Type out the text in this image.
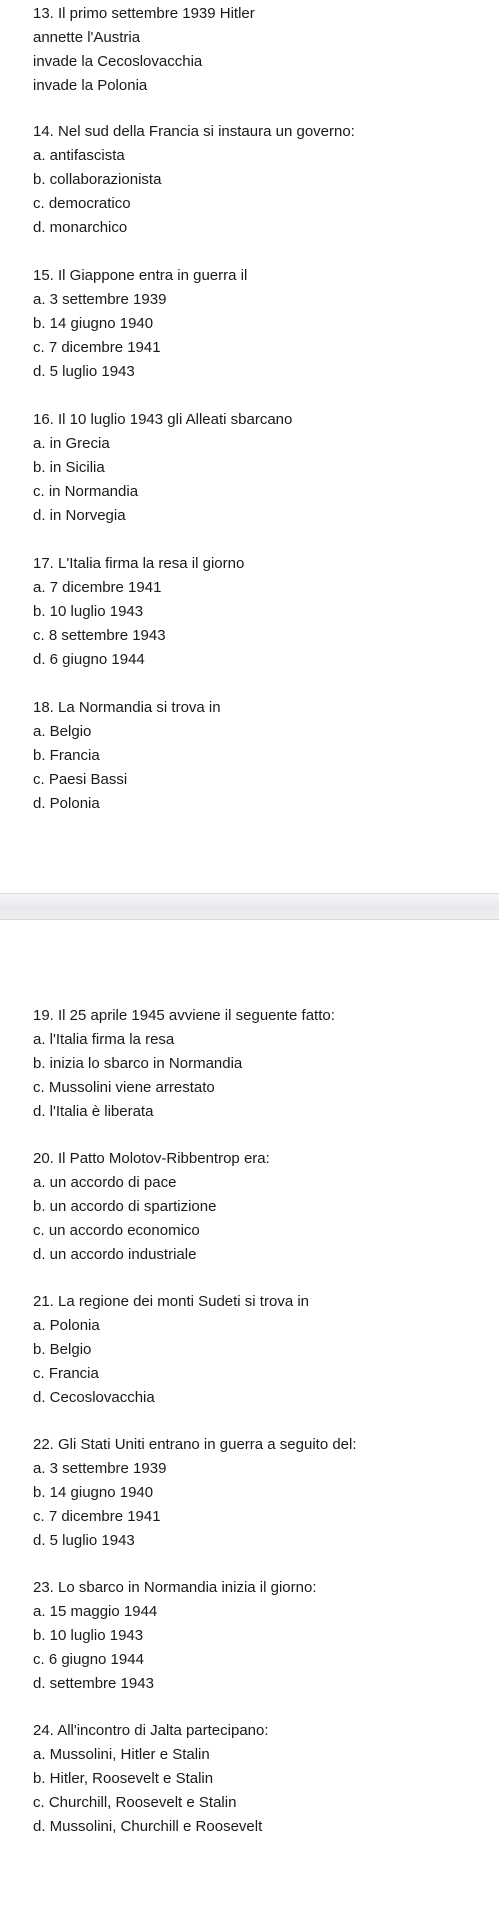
13. Il primo settembre 1939 Hitler
annette l'Austria
invade la Cecoslovacchia
invade la Polonia
14. Nel sud della Francia si instaura un governo:
a. antifascista
b. collaborazionista
c. democratico
d. monarchico
15. Il Giappone entra in guerra il
a. 3 settembre 1939
b. 14 giugno 1940
c. 7 dicembre 1941
d. 5 luglio 1943
16. Il 10 luglio 1943 gli Alleati sbarcano
a. in Grecia
b. in Sicilia
c. in Normandia
d. in Norvegia
17. L'Italia firma la resa il giorno
a. 7 dicembre 1941
b. 10 luglio 1943
c. 8 settembre 1943
d. 6 giugno 1944
18. La Normandia si trova in
a. Belgio
b. Francia
c. Paesi Bassi
d. Polonia
19. Il 25 aprile 1945 avviene il seguente fatto:
a. l'Italia firma la resa
b. inizia lo sbarco in Normandia
c. Mussolini viene arrestato
d. l'Italia è liberata
20. Il Patto Molotov-Ribbentrop era:
a. un accordo di pace
b. un accordo di spartizione
c. un accordo economico
d. un accordo industriale
21. La regione dei monti Sudeti si trova in
a. Polonia
b. Belgio
c. Francia
d. Cecoslovacchia
22. Gli Stati Uniti entrano in guerra a seguito del:
a. 3 settembre 1939
b. 14 giugno 1940
c. 7 dicembre 1941
d. 5 luglio 1943
23. Lo sbarco in Normandia inizia il giorno:
a. 15 maggio 1944
b. 10 luglio 1943
c. 6 giugno 1944
d. settembre 1943
24. All'incontro di Jalta partecipano:
a. Mussolini, Hitler e Stalin
b. Hitler, Roosevelt e Stalin
c. Churchill, Roosevelt e Stalin
d. Mussolini, Churchill e Roosevelt
